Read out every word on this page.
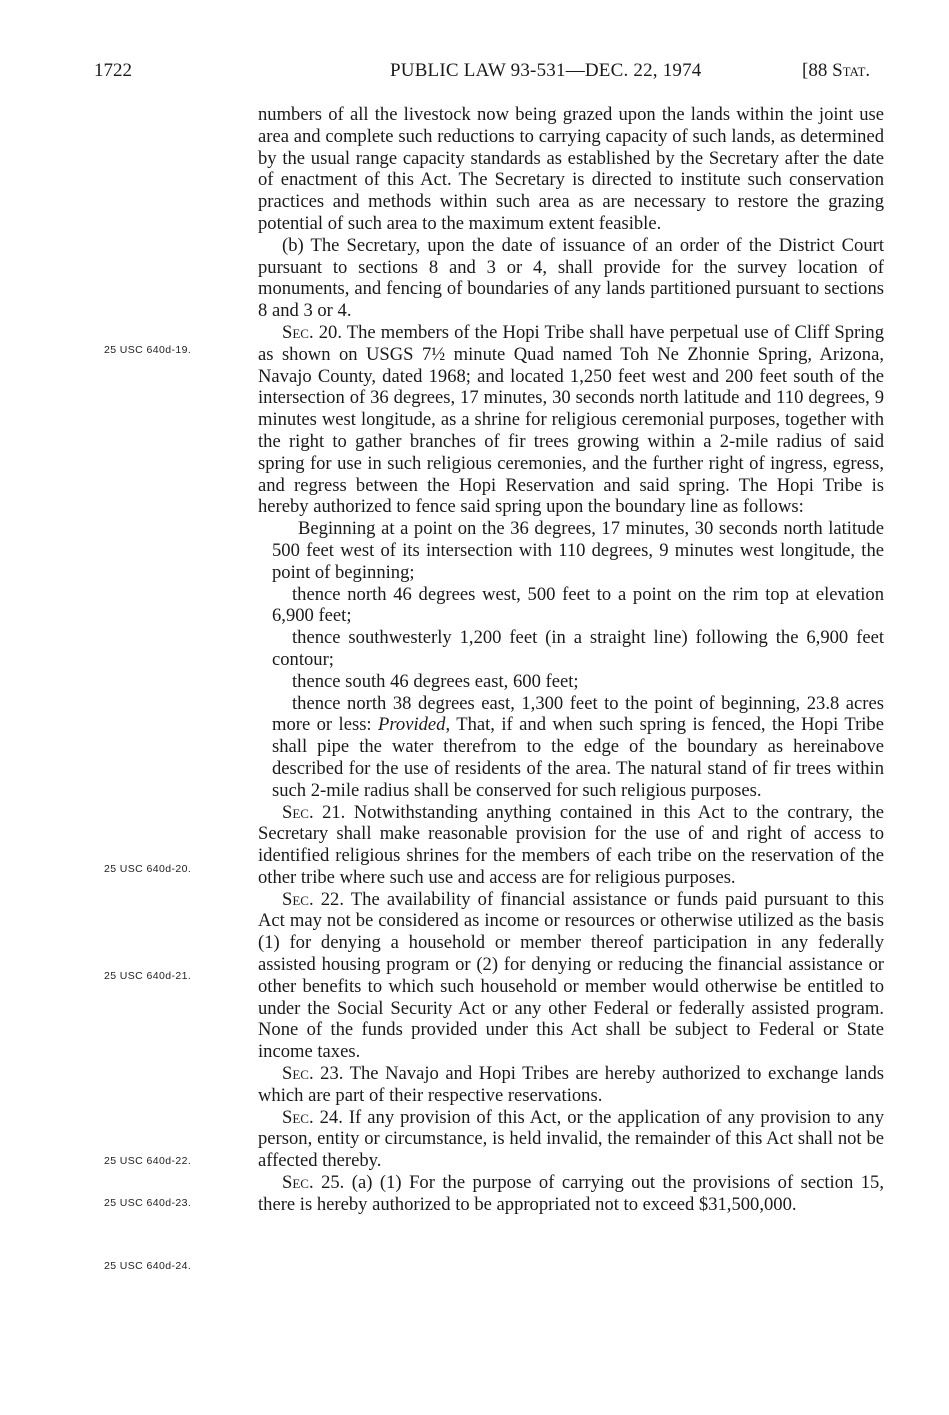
1722	PUBLIC LAW 93-531—DEC. 22, 1974	[88 Stat.
25 USC 640d-19.
25 USC 640d-20.
25 USC 640d-21.
25 USC 640d-22.
25 USC 640d-23.
25 USC 640d-24.

numbers of all the livestock now being grazed upon the lands within the joint use area and complete such reductions to carrying capacity of such lands, as determined by the usual range capacity standards as established by the Secretary after the date of enactment of this Act. The Secretary is directed to institute such conservation practices and methods within such area as are necessary to restore the grazing potential of such area to the maximum extent feasible.

(b) The Secretary, upon the date of issuance of an order of the District Court pursuant to sections 8 and 3 or 4, shall provide for the survey location of monuments, and fencing of boundaries of any lands partitioned pursuant to sections 8 and 3 or 4.

Sec. 20. The members of the Hopi Tribe shall have perpetual use of Cliff Spring as shown on USGS 7½ minute Quad named Toh Ne Zhonnie Spring, Arizona, Navajo County, dated 1968; and located 1,250 feet west and 200 feet south of the intersection of 36 degrees, 17 minutes, 30 seconds north latitude and 110 degrees, 9 minutes west longitude, as a shrine for religious ceremonial purposes, together with the right to gather branches of fir trees growing within a 2-mile radius of said spring for use in such religious ceremonies, and the further right of ingress, egress, and regress between the Hopi Reservation and said spring. The Hopi Tribe is hereby authorized to fence said spring upon the boundary line as follows:

Beginning at a point on the 36 degrees, 17 minutes, 30 seconds north latitude 500 feet west of its intersection with 110 degrees, 9 minutes west longitude, the point of beginning;

thence north 46 degrees west, 500 feet to a point on the rim top at elevation 6,900 feet;

thence southwesterly 1,200 feet (in a straight line) following the 6,900 feet contour;

thence south 46 degrees east, 600 feet;

thence north 38 degrees east, 1,300 feet to the point of beginning, 23.8 acres more or less: Provided, That, if and when such spring is fenced, the Hopi Tribe shall pipe the water therefrom to the edge of the boundary as hereinabove described for the use of residents of the area. The natural stand of fir trees within such 2-mile radius shall be conserved for such religious purposes.

Sec. 21. Notwithstanding anything contained in this Act to the contrary, the Secretary shall make reasonable provision for the use of and right of access to identified religious shrines for the members of each tribe on the reservation of the other tribe where such use and access are for religious purposes.

Sec. 22. The availability of financial assistance or funds paid pursuant to this Act may not be considered as income or resources or otherwise utilized as the basis (1) for denying a household or member thereof participation in any federally assisted housing program or (2) for denying or reducing the financial assistance or other benefits to which such household or member would otherwise be entitled to under the Social Security Act or any other Federal or federally assisted program. None of the funds provided under this Act shall be subject to Federal or State income taxes.

Sec. 23. The Navajo and Hopi Tribes are hereby authorized to exchange lands which are part of their respective reservations.

Sec. 24. If any provision of this Act, or the application of any provision to any person, entity or circumstance, is held invalid, the remainder of this Act shall not be affected thereby.

Sec. 25. (a) (1) For the purpose of carrying out the provisions of section 15, there is hereby authorized to be appropriated not to exceed $31,500,000.
